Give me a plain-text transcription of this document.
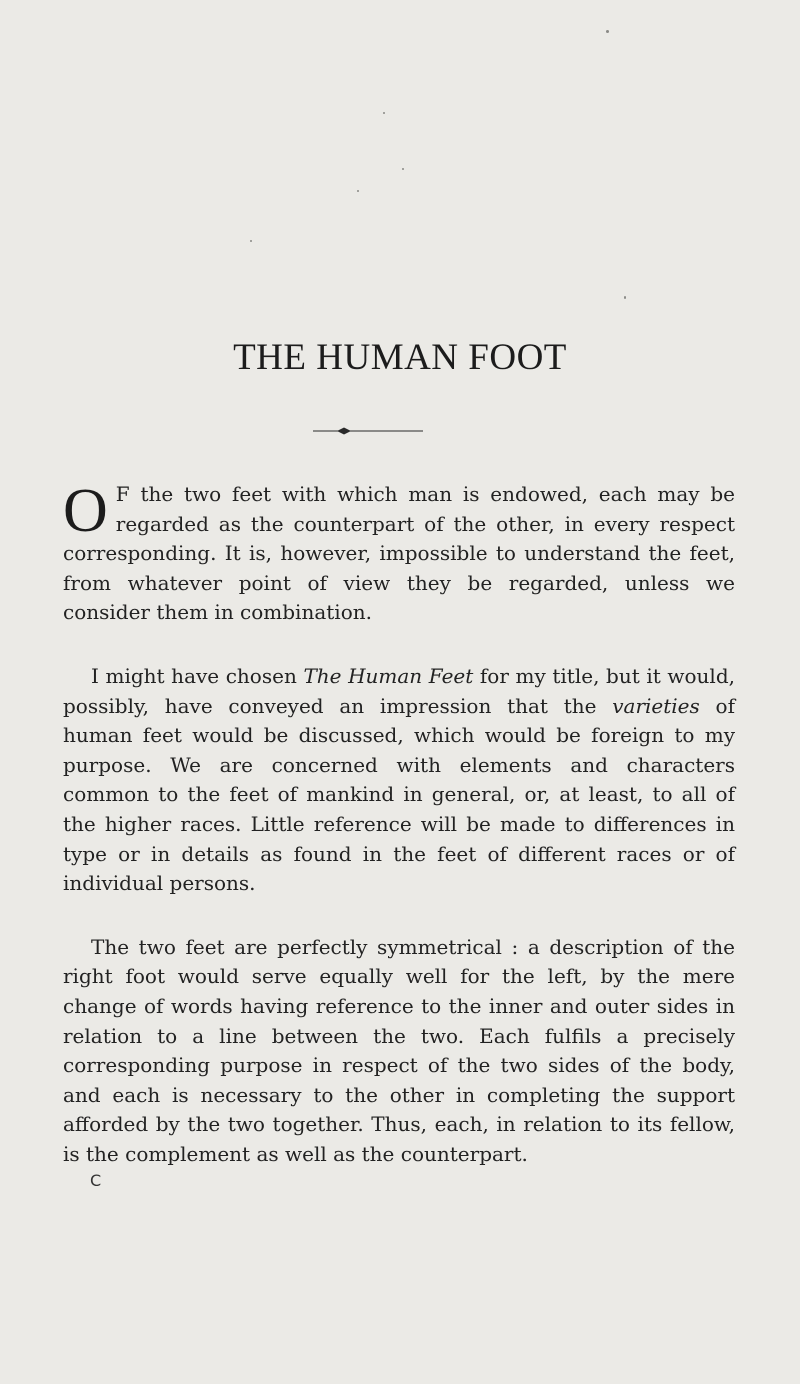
THE HUMAN FOOT

O F the two feet with which man is endowed, each may be regarded as the counterpart of the other, in every respect corresponding. It is, however, impossible to understand the feet, from whatever point of view they be regarded, unless we consider them in combination.

I might have chosen The Human Feet for my title, but it would, possibly, have conveyed an impression that the varieties of human feet would be discussed, which would be foreign to my purpose. We are concerned with elements and characters common to the feet of mankind in general, or, at least, to all of the higher races. Little reference will be made to differences in type or in details as found in the feet of different races or of individual persons.

The two feet are perfectly symmetrical : a description of the right foot would serve equally well for the left, by the mere change of words having reference to the inner and outer sides in relation to a line between the two. Each fulfils a precisely corresponding purpose in respect of the two sides of the body, and each is necessary to the other in completing the support afforded by the two together. Thus, each, in relation to its fellow, is the complement as well as the counterpart.

C
